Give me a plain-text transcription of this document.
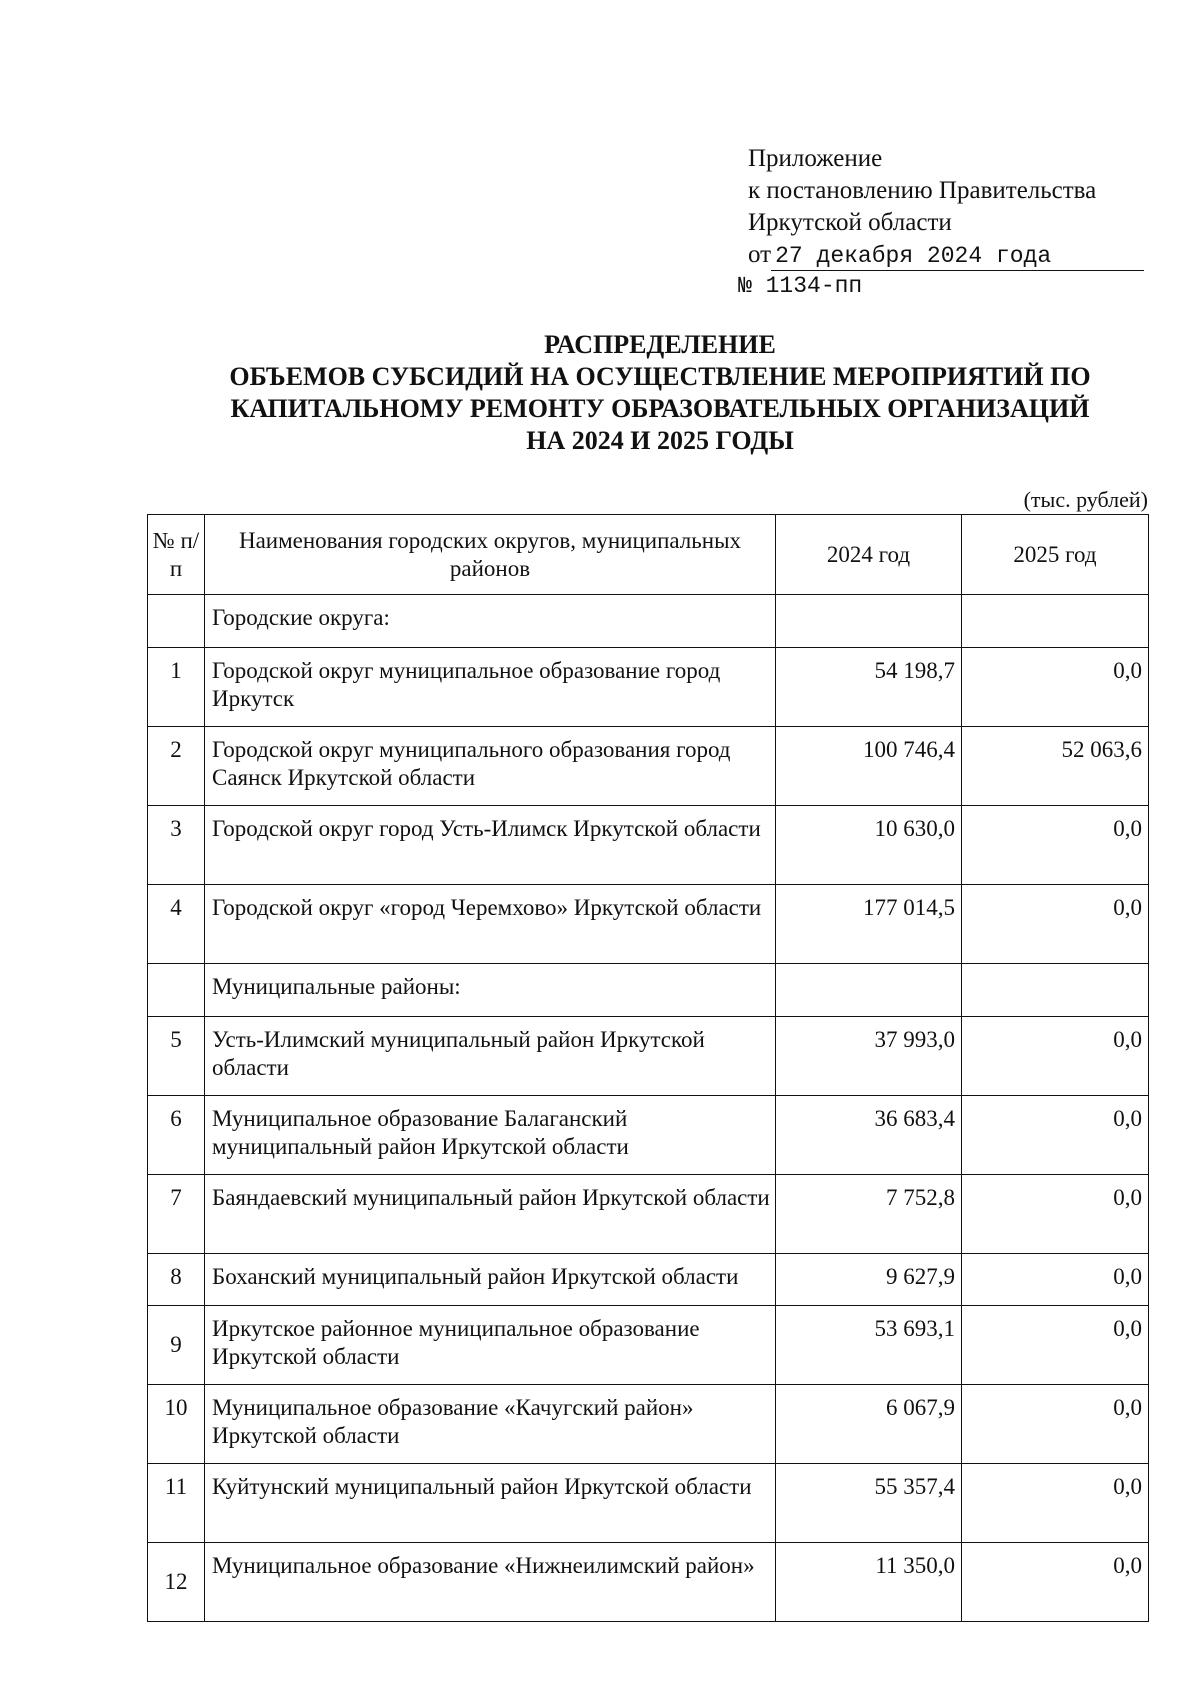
Приложение
к постановлению Правительства
Иркутской области
от 27 декабря 2024 года
№ 1134-пп
РАСПРЕДЕЛЕНИЕ
ОБЪЕМОВ СУБСИДИЙ НА ОСУЩЕСТВЛЕНИЕ МЕРОПРИЯТИЙ ПО
КАПИТАЛЬНОМУ РЕМОНТУ ОБРАЗОВАТЕЛЬНЫХ ОРГАНИЗАЦИЙ
НА 2024 И 2025 ГОДЫ
(тыс. рублей)
№ п/п	Наименования городских округов, муниципальных районов	2024 год	2025 год
	Городские округа:		
1	Городской округ муниципальное образование город Иркутск	54 198,7	0,0
2	Городской округ муниципального образования город Саянск Иркутской области	100 746,4	52 063,6
3	Городской округ город Усть-Илимск Иркутской области	10 630,0	0,0
4	Городской округ «город Черемхово» Иркутской области	177 014,5	0,0
	Муниципальные районы:		
5	Усть-Илимский муниципальный район Иркутской области	37 993,0	0,0
6	Муниципальное образование Балаганский муниципальный район Иркутской области	36 683,4	0,0
7	Баяндаевский муниципальный район Иркутской области	7 752,8	0,0
8	Боханский муниципальный район Иркутской области	9 627,9	0,0
9	Иркутское районное муниципальное образование Иркутской области	53 693,1	0,0
10	Муниципальное образование «Качугский район» Иркутской области	6 067,9	0,0
11	Куйтунский муниципальный район Иркутской области	55 357,4	0,0
12	Муниципальное образование «Нижнеилимский район»	11 350,0	0,0
